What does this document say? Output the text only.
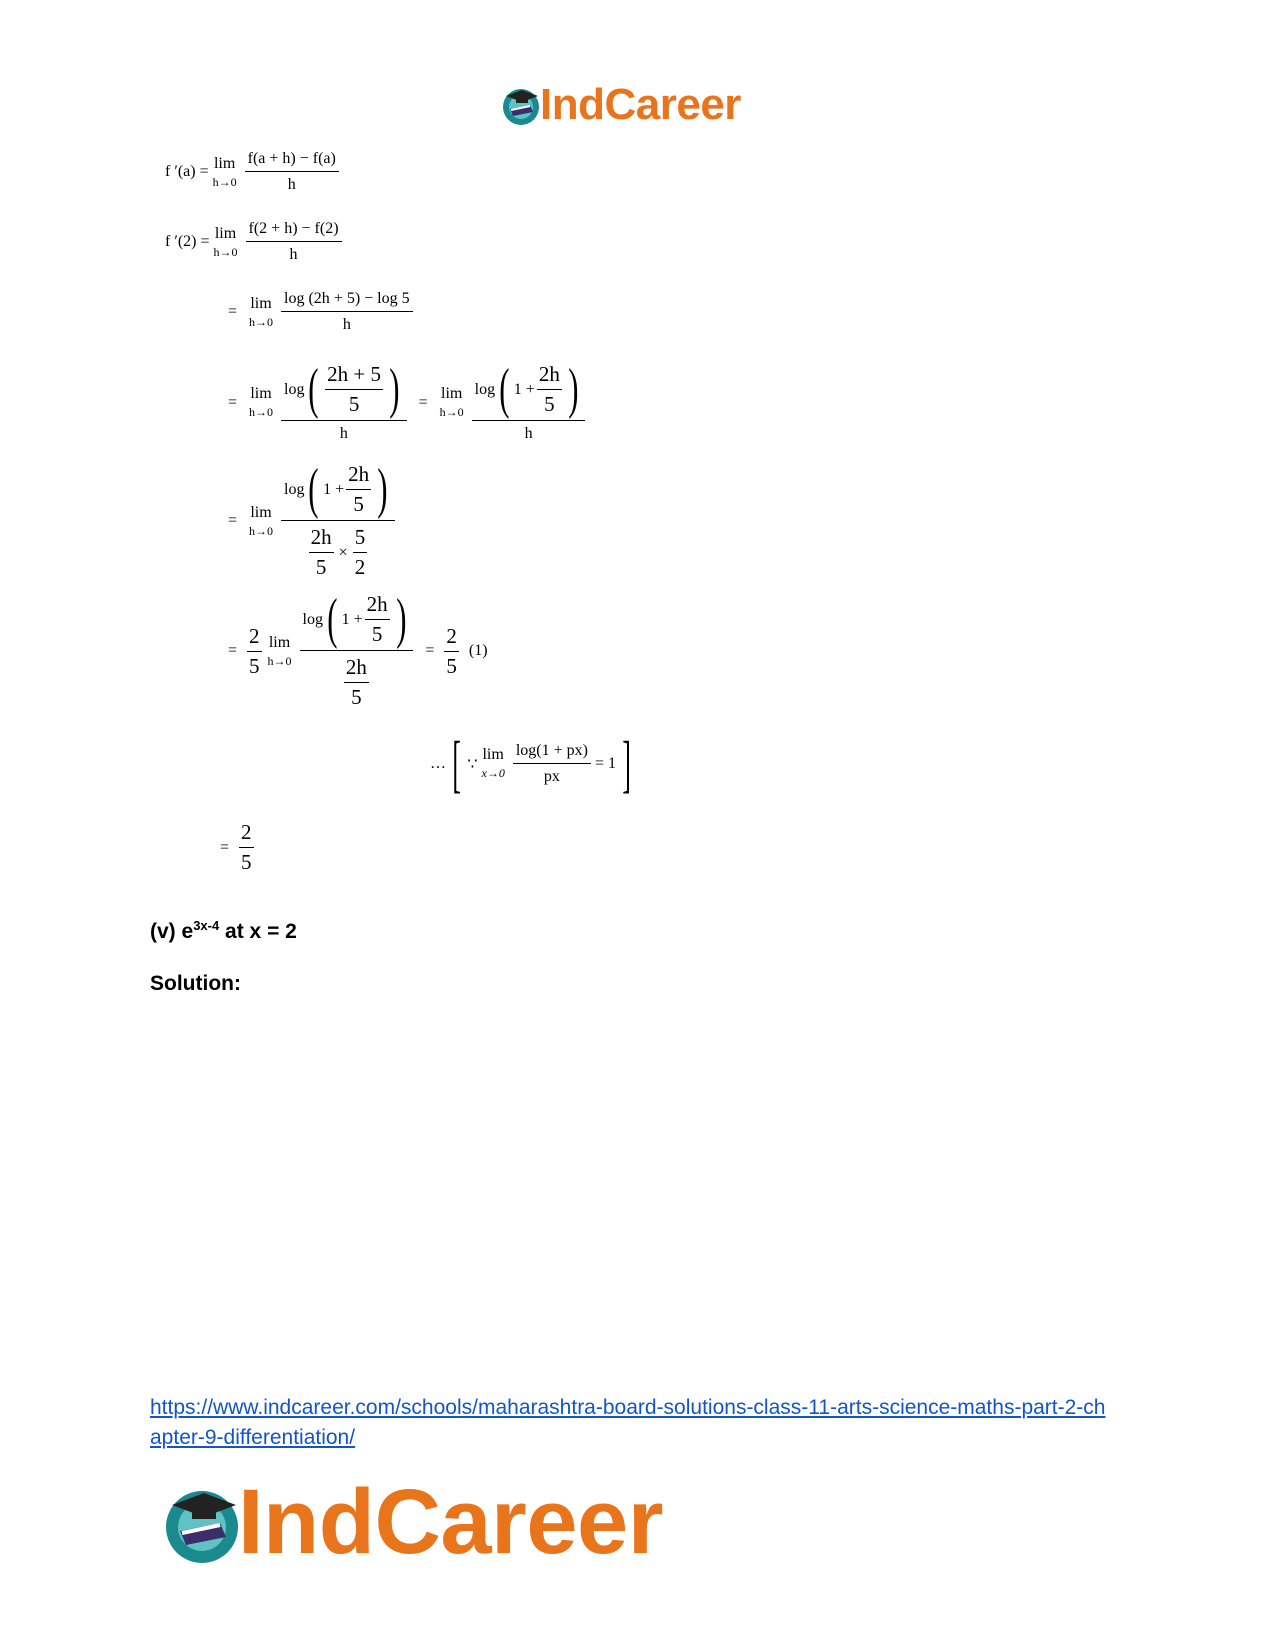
IndCareer
f ′(a) = lim
$h\to 0 \frac{f(a + h) - f(a)}{h}$
f ′(2) = lim
$h\to 0 \frac{f(2 + h) - f(2)}{h}$
= lim
$h\to 0 \frac{\log (2h + 5) - \log 5}{h}$
= lim
$h\to 0 \frac{\log ( \frac{2h + 5}{5} )}{h} = \lim$
$h\to 0 \frac{\log ( 1 + \frac{2h}{5} )}{h}$
= lim
$h\to 0 \frac{\log ( 1 + \frac{2h}{5} )}{\frac{2h}{5} \times \frac{5}{2}}$
= $\frac{2}{5}$ lim
$h\to 0 \frac{\log ( 1 + \frac{2h}{5} )}{\frac{2h}{5}} = \frac{2}{5} (1)$
… [ ∵
lim
$x\to 0 \frac{\log(1 + px)}{px} = 1$ ]
= $\frac{2}{5}$
(v) $e^{3x-4}$ at x = 2
Solution:
https://www.indcareer.com/schools/maharashtra-board-solutions-class-11-arts-science-maths-part-2-chapter-9-differentiation/
IndCareer
